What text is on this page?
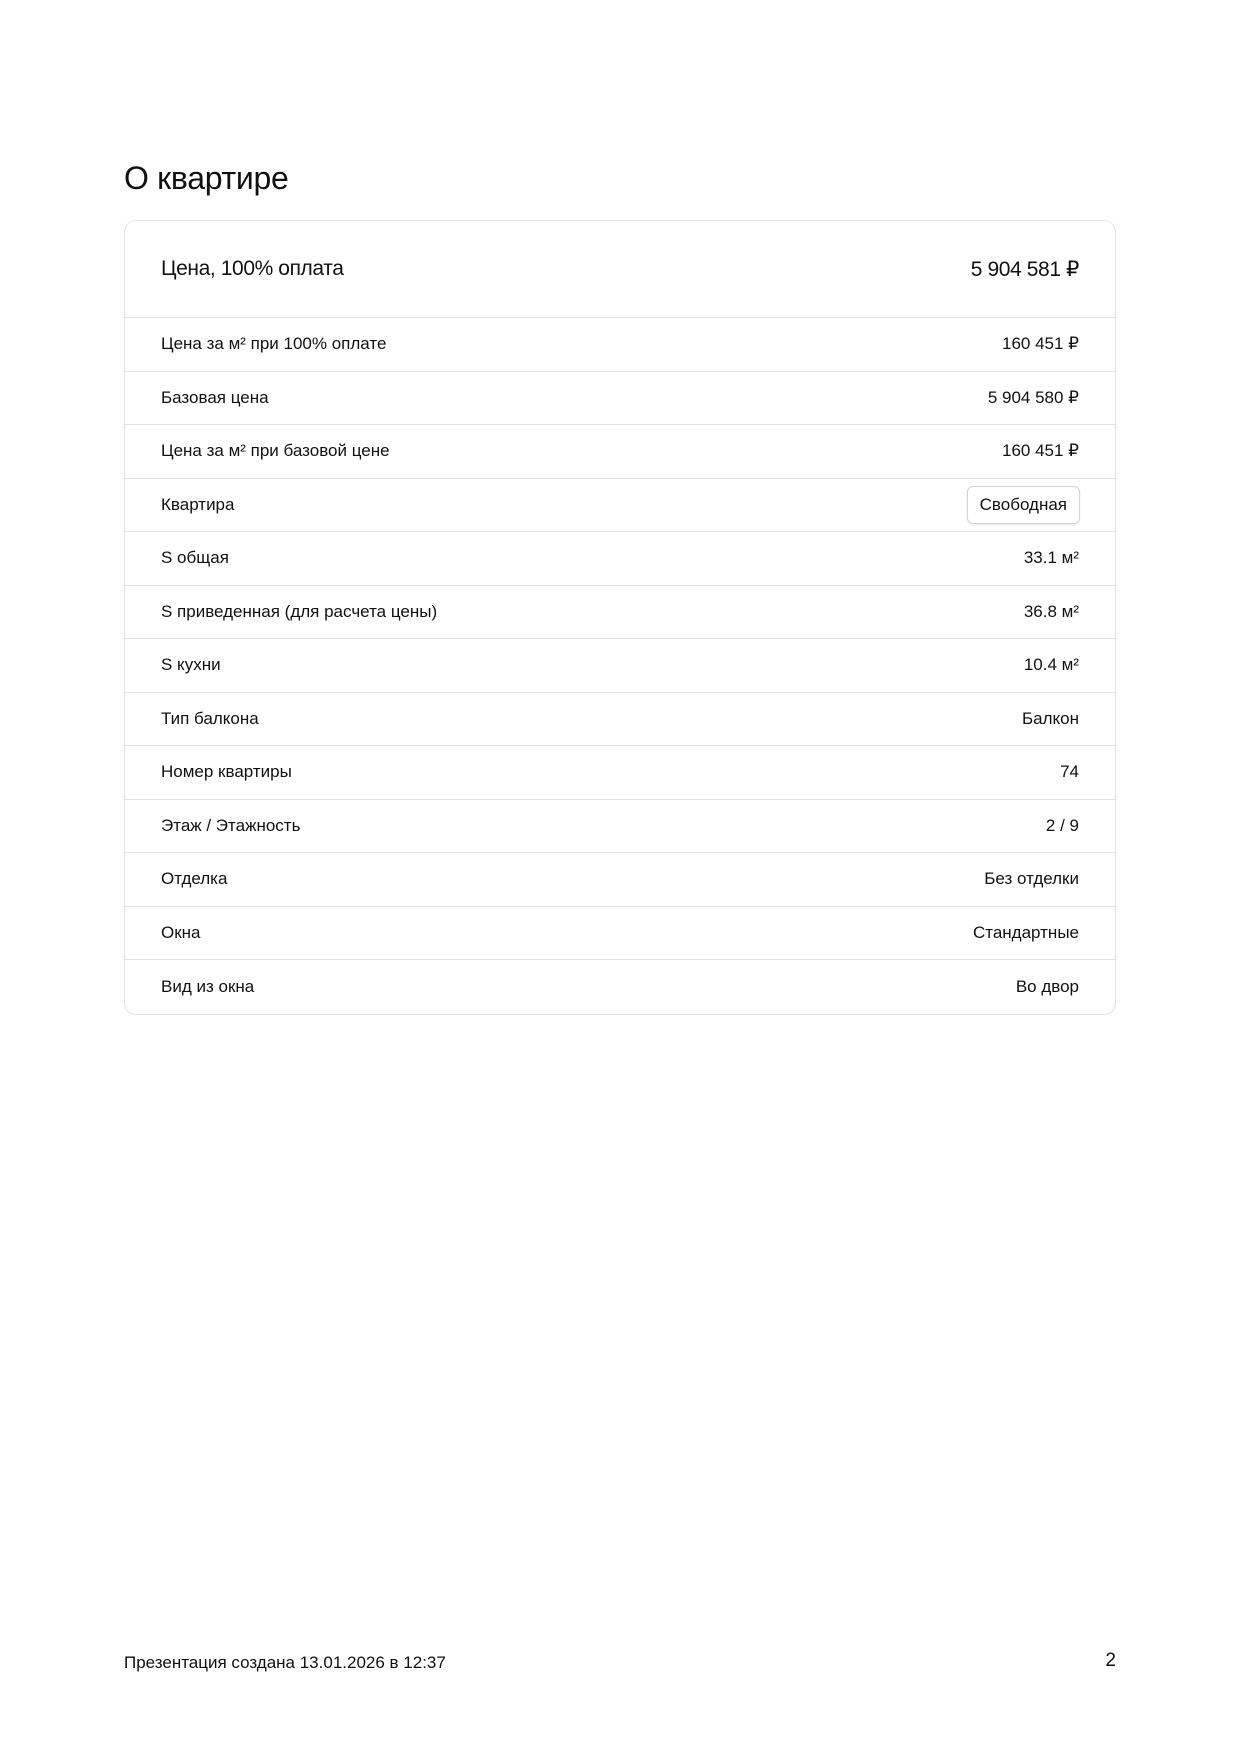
О квартире
Цена, 100% оплата	5 904 581 ₽
Цена за м² при 100% оплате	160 451 ₽
Базовая цена	5 904 580 ₽
Цена за м² при базовой цене	160 451 ₽
Квартира	Свободная
S общая	33.1 м²
S приведенная (для расчета цены)	36.8 м²
S кухни	10.4 м²
Тип балкона	Балкон
Номер квартиры	74
Этаж / Этажность	2 / 9
Отделка	Без отделки
Окна	Стандартные
Вид из окна	Во двор
Презентация создана 13.01.2026 в 12:37	2
